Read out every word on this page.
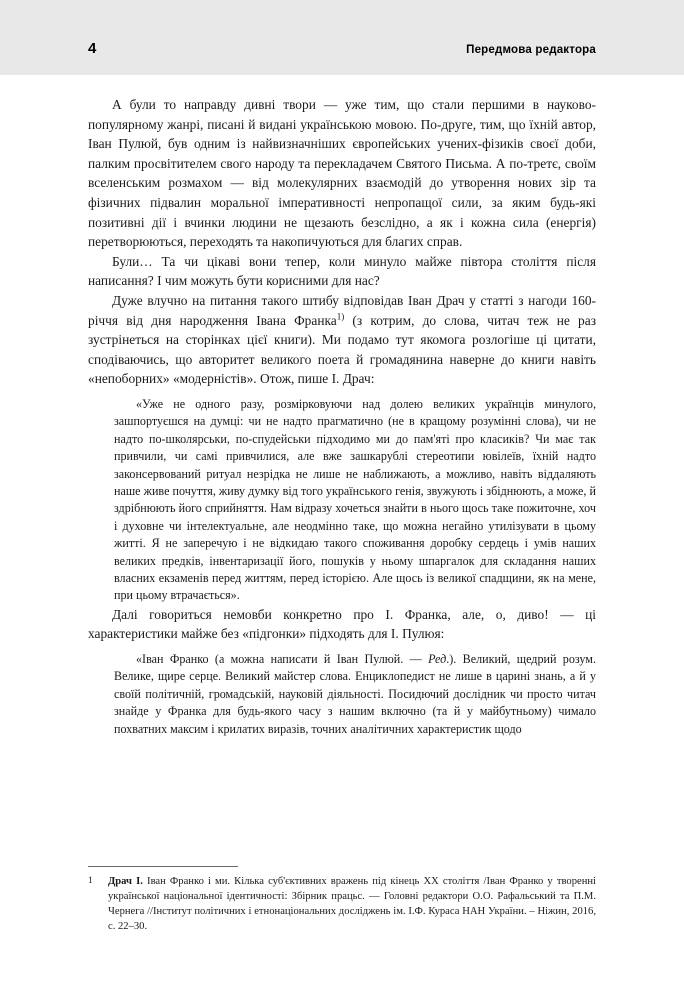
4	Передмова редактора

А були то направду дивні твори — уже тим, що стали першими в науково-популярному жанрі, писані й видані українською мовою. По-друге, тим, що їхній автор, Іван Пулюй, був одним із найвизначніших європейських учених-фізиків своєї доби, палким просвітителем свого народу та перекладачем Святого Письма. А по-третє, своїм вселенським розмахом — від молекулярних взаємодій до утворення нових зір та фізичних підвалин моральної імперативності непропащої сили, за яким будь-які позитивні дії і вчинки людини не щезають безслідно, а як і кожна сила (енергія) перетворюються, переходять та накопичуються для благих справ.

Були… Та чи цікаві вони тепер, коли минуло майже півтора століття після написання? І чим можуть бути корисними для нас?

Дуже влучно на питання такого штибу відповідав Іван Драч у статті з нагоди 160-річчя від дня народження Івана Франка$^{1)}$ (з котрим, до слова, читач теж не раз зустрінеться на сторінках цієї книги). Ми подамо тут якомога розлогіше ці цитати, сподіваючись, що авторитет великого поета й громадянина наверне до книги навіть «непоборних» «модерністів». Отож, пише І. Драч:

«Уже не одного разу, розмірковуючи над долею великих українців минулого, зашпортуєшся на думці: чи не надто прагматично (не в кращому розумінні слова), чи не надто по-школярськи, по-спудейськи підходимо ми до пам'яті про класиків? Чи має так привчили, чи самі привчилися, але вже зашкарублі стереотипи ювілеїв, їхній надто законсервований ритуал незрідка не лише не наближають, а можливо, навіть віддаляють наше живе почуття, живу думку від того українського генія, звужують і збіднюють, а може, й здрібнюють його сприйняття. Нам відразу хочеться знайти в нього щось таке пожиточне, хоч і духовне чи інтелектуальне, але неодмінно таке, що можна негайно утилізувати в цьому житті. Я не заперечую і не відкидаю такого споживання доробку сердець і умів наших великих предків, інвентаризації його, пошуків у ньому шпаргалок для складання наших власних екзаменів перед життям, перед історією. Але щось із великої спадщини, як на мене, при цьому втрачається».

Далі говориться немовби конкретно про І. Франка, але, о, диво! — ці характеристики майже без «підгонки» підходять для І. Пулюя:

«Іван Франко (а можна написати й Іван Пулюй. — Ред.). Великий, щедрий розум. Велике, щире серце. Великий майстер слова. Енциклопедист не лише в царині знань, а й у своїй політичній, громадській, науковій діяльності. Посидючий дослідник чи просто читач знайде у Франка для будь-якого часу з нашим включно (та й у майбутньому) чимало похватних максим і крилатих виразів, точних аналітичних характеристик щодо

1	Драч І. Іван Франко і ми. Кілька суб'єктивних вражень під кінець XX століття /Іван Франко у творенні української національної ідентичності: Збірник працьc. — Головні редактори О.О. Рафальський та П.М. Чернега //Інститут політичних і етнонаціональних досліджень ім. І.Ф. Кураса НАН України. – Ніжин, 2016, с. 22–30.
